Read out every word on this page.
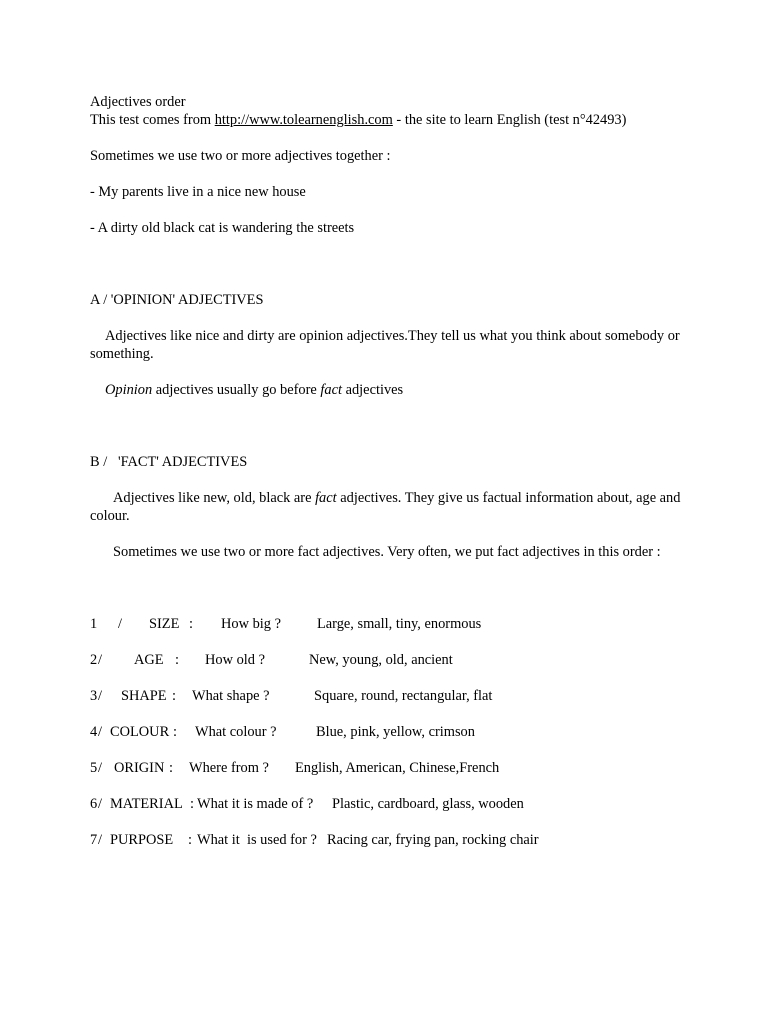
Adjectives order

This test comes from http://www.tolearnenglish.com - the site to learn English (test n°42493)

Sometimes we use two or more adjectives together :

- My parents live in a nice new house

- A dirty old black cat is wandering the streets

A / 'OPINION' ADJECTIVES

Adjectives like nice and dirty are opinion adjectives.They tell us what you think about somebody or something.

Opinion adjectives usually go before fact adjectives

B /   'FACT' ADJECTIVES

Adjectives like new, old, black are fact adjectives. They give us factual information about, age and colour.

Sometimes we use two or more fact adjectives. Very often, we put fact adjectives in this order :

1	/	SIZE :	How big ?	Large, small, tiny, enormous
2 /	AGE :	How old ?	New, young, old, ancient
3 /	SHAPE :	What shape ?	Square, round, rectangular, flat
4 / COLOUR :	What colour ?	Blue, pink, yellow, crimson
5 / ORIGIN :	Where from ?	English, American, Chinese,French
6 / MATERIAL : What it is made of ?	Plastic, cardboard, glass, wooden
7 / PURPOSE	: What it  is used for ? Racing car, frying pan, rocking chair
